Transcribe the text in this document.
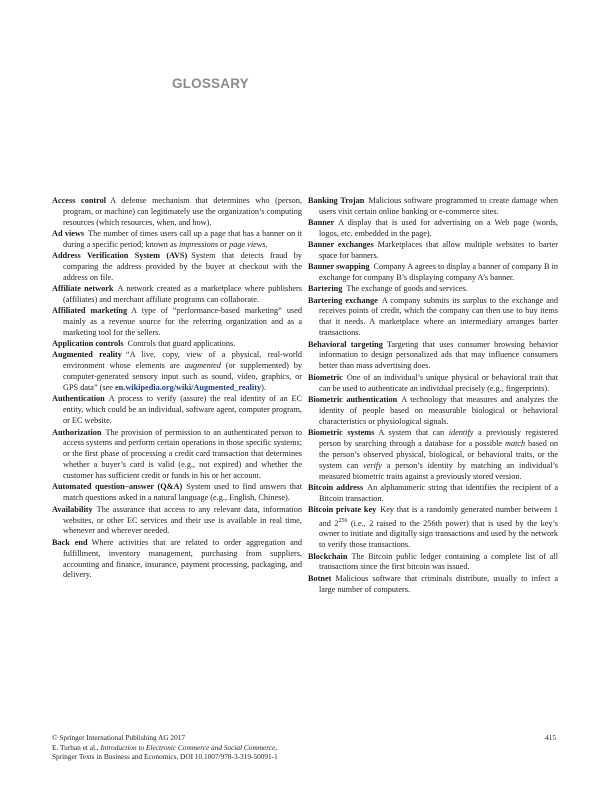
GLOSSARY
Access control A defense mechanism that determines who (person, program, or machine) can legitimately use the organization’s computing resources (which resources, when, and how).
Ad views The number of times users call up a page that has a banner on it during a specific period; known as impressions or page views.
Address Verification System (AVS) System that detects fraud by comparing the address provided by the buyer at checkout with the address on file.
Affiliate network A network created as a marketplace where publishers (affiliates) and merchant affiliate programs can collaborate.
Affiliated marketing A type of “performance-based marketing” used mainly as a revenue source for the referring organization and as a marketing tool for the sellers.
Application controls Controls that guard applications.
Augmented reality “A live, copy, view of a physical, real-world environment whose elements are augmented (or supplemented) by computer-generated sensory input such as sound, video, graphics, or GPS data” (see en.wikipedia.org/wiki/Augmented_reality).
Authentication A process to verify (assure) the real identity of an EC entity, which could be an individual, software agent, computer program, or EC website.
Authorization The provision of permission to an authenticated person to access systems and perform certain operations in those specific systems; or the first phase of processing a credit card transaction that determines whether a buyer’s card is valid (e.g., not expired) and whether the customer has sufficient credit or funds in his or her account.
Automated question–answer (Q&A) System used to find answers that match questions asked in a natural language (e.g., English, Chinese).
Availability The assurance that access to any relevant data, information websites, or other EC services and their use is available in real time, whenever and wherever needed.
Back end Where activities that are related to order aggregation and fulfillment, inventory management, purchasing from suppliers, accounting and finance, insurance, payment processing, packaging, and delivery.
Banking Trojan Malicious software programmed to create damage when users visit certain online banking or e-commerce sites.
Banner A display that is used for advertising on a Web page (words, logos, etc. embedded in the page).
Banner exchanges Marketplaces that allow multiple websites to barter space for banners.
Banner swapping Company A agrees to display a banner of company B in exchange for company B’s displaying company A’s banner.
Bartering The exchange of goods and services.
Bartering exchange A company submits its surplus to the exchange and receives points of credit, which the company can then use to buy items that it needs. A marketplace where an intermediary arranges barter transactions.
Behavioral targeting Targeting that uses consumer browsing behavior information to design personalized ads that may influence consumers better than mass advertising does.
Biometric One of an individual’s unique physical or behavioral trait that can be used to authenticate an individual precisely (e.g., fingerprints).
Biometric authentication A technology that measures and analyzes the identity of people based on measurable biological or behavioral characteristics or physiological signals.
Biometric systems A system that can identify a previously registered person by searching through a database for a possible match based on the person’s observed physical, biological, or behavioral traits, or the system can verify a person’s identity by matching an individual’s measured biometric traits against a previously stored version.
Bitcoin address An alphanumeric string that identifies the recipient of a Bitcoin transaction.
Bitcoin private key Key that is a randomly generated number between 1 and $2^{256}$ (i.e., 2 raised to the 256th power) that is used by the key’s owner to initiate and digitally sign transactions and used by the network to verify those transactions.
Blockchain The Bitcoin public ledger containing a complete list of all transactions since the first bitcoin was issued.
Botnet Malicious software that criminals distribute, usually to infect a large number of computers.
© Springer International Publishing AG 2017
E. Turban et al., Introduction to Electronic Commerce and Social Commerce,
Springer Texts in Business and Economics, DOI 10.1007/978-3-319-50091-1
415
